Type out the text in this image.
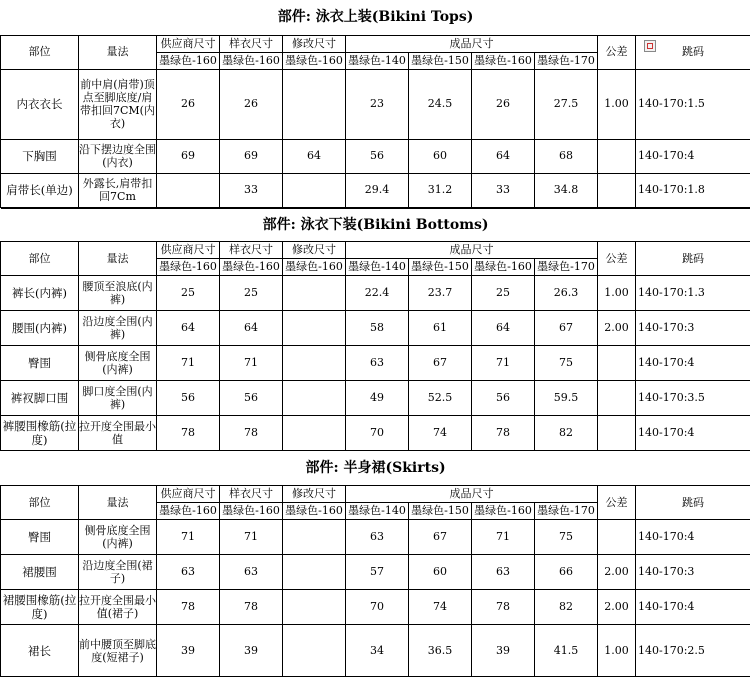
部件: 泳衣上装(Bikini Tops)										
部位	量法	供应商尺寸	样衣尺寸	修改尺寸	成品尺寸				公差	跳码

		墨绿色-160	墨绿色-160	墨绿色-160	墨绿色-140	墨绿色-150	墨绿色-160	墨绿色-170		
内衣衣长	前中肩(肩带)顶点至脚底度/肩带扣回7CM(内衣)	26	26		23	24.5	26	27.5	1.00	140-170:1.5
下胸围	沿下摆边度全围(内衣)	69	69	64	56	60	64	68		140-170:4
肩带长(单边)	外露长,肩带扣回7Cm		33		29.4	31.2	33	34.8		140-170:1.8
部件: 泳衣下装(Bikini Bottoms)										
部位	量法	供应商尺寸	样衣尺寸	修改尺寸	成品尺寸				公差	跳码
		墨绿色-160	墨绿色-160	墨绿色-160	墨绿色-140	墨绿色-150	墨绿色-160	墨绿色-170		
裤长(内裤)	腰顶至浪底(内裤)	25	25		22.4	23.7	25	26.3	1.00	140-170:1.3
腰围(内裤)	沿边度全围(内裤)	64	64		58	61	64	67	2.00	140-170:3
臀围	侧骨底度全围(内裤)	71	71		63	67	71	75		140-170:4
裤衩脚口围	脚口度全围(内裤)	56	56		49	52.5	56	59.5		140-170:3.5
裤腰围橡筋(拉度)	拉开度全围最小值	78	78		70	74	78	82		140-170:4
部件: 半身裙(Skirts)										
部位	量法	供应商尺寸	样衣尺寸	修改尺寸	成品尺寸				公差	跳码
		墨绿色-160	墨绿色-160	墨绿色-160	墨绿色-140	墨绿色-150	墨绿色-160	墨绿色-170		
臀围	侧骨底度全围(内裤)	71	71		63	67	71	75		140-170:4
裙腰围	沿边度全围(裙子)	63	63		57	60	63	66	2.00	140-170:3
裙腰围橡筋(拉度)	拉开度全围最小值(裙子)	78	78		70	74	78	82	2.00	140-170:4
裙长	前中腰顶至脚底度(短裙子)	39	39		34	36.5	39	41.5	1.00	140-170:2.5
